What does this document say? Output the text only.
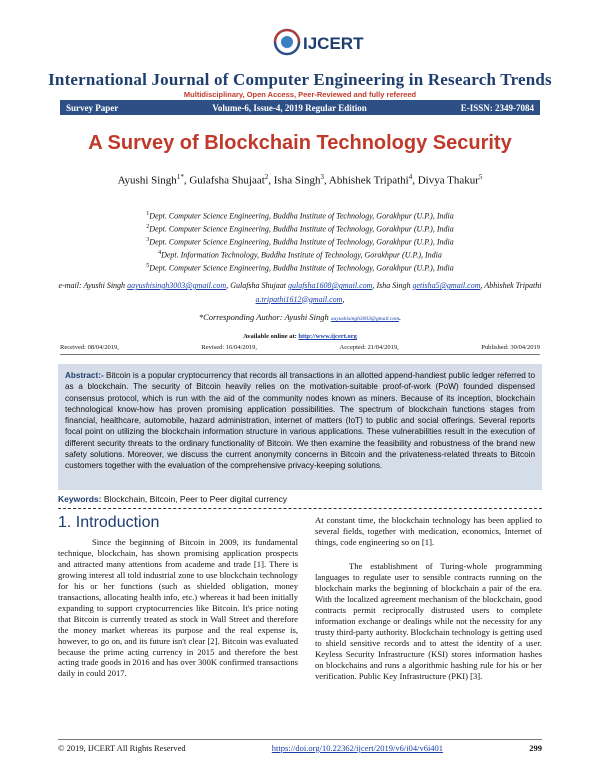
IJCERT
International Journal of Computer Engineering in Research Trends
Multidisciplinary, Open Access, Peer-Reviewed and fully refereed
Survey Paper	Volume-6, Issue-4, 2019 Regular Edition	E-ISSN: 2349-7084
A Survey of Blockchain Technology Security
Ayushi Singh$^{1*}$, Gulafsha Shujaat$^2$, Isha Singh$^3$, Abhishek Tripathi$^4$, Divya Thakur$^5$
$^1$Dept. Computer Science Engineering, Buddha Institute of Technology, Gorakhpur (U.P.), India
$^2$Dept. Computer Science Engineering, Buddha Institute of Technology, Gorakhpur (U.P.), India
$^3$Dept. Computer Science Engineering, Buddha Institute of Technology, Gorakhpur (U.P.), India
$^4$Dept. Information Technology, Buddha Institute of Technology, Gorakhpur (U.P.), India
$^5$Dept. Computer Science Engineering, Buddha Institute of Technology, Gorakhpur (U.P.), India
e-mail: Ayushi Singh aayushisingh3003@gmail.com, Gulafsha Shujaat gulafsha1608@gmail.com, Isha Singh getisha5@gmail.com, Abhishek Tripathi a.tripathi1612@gmail.com,
*Corresponding Author: Ayushi Singh aayushisingh3003@gmail.com.
Available online at: http://www.ijcert.org
Received: 08/04/2019,	Revised: 16/04/2019,	Accepted: 21/04/2019,	Published: 30/04/2019
Abstract:- Bitcoin is a popular cryptocurrency that records all transactions in an allotted append-handiest public ledger referred to as a blockchain. The security of Bitcoin heavily relies on the motivation-suitable proof-of-work (PoW) founded dispensed consensus protocol, which is run with the aid of the community nodes known as miners. Because of its inception, blockchain technological know-how has proven promising application possibilities. The spectrum of blockchain functions stages from financial, healthcare, automobile, hazard administration, internet of matters (IoT) to public and social offerings. Several reports focal point on utilizing the blockchain information structure in various applications. These vulnerabilities result in the execution of different security threats to the ordinary functionality of Bitcoin. We then examine the feasibility and robustness of the brand new safety solutions. Moreover, we discuss the current anonymity concerns in Bitcoin and the privateness-related threats to Bitcoin customers together with the evaluation of the comprehensive privacy-keeping solutions.
Keywords: Blockchain, Bitcoin, Peer to Peer digital currency
1. Introduction
Since the beginning of Bitcoin in 2009, its fundamental technique, blockchain, has shown promising application prospects and attracted many attentions from academe and trade [1]. There is growing interest all told industrial zone to use blockchain technology for his or her functions (such as shielded obligation, money transactions, allocating health info, etc.) whereas it had been initially expanding to support cryptocurrencies like Bitcoin. It's price noting that Bitcoin is currently treated as stock in Wall Street and therefore the money market whereas its purpose and the real expense is, however, to go on, and its future isn't clear [2]. Bitcoin was evaluated because the prime acting currency in 2015 and therefore the best acting trade goods in 2016 and has over 300K confirmed transactions daily in could 2017.
At constant time, the blockchain technology has been applied to several fields, together with medication, economics, Internet of things, code engineering so on [1].
The establishment of Turing-whole programming languages to regulate user to sensible contracts running on the blockchain marks the beginning of blockchain a pair of the era. With the localized agreement mechanism of the blockchain, good contracts permit reciprocally distrusted users to complete information exchange or dealings while not the necessity for any trusty third-party authority. Blockchain technology is getting used to shield sensitive records and to attest the identity of a user. Keyless Security Infrastructure (KSI) stores information hashes on blockchains and runs a algorithmic hashing rule for his or her verification. Public Key Infrastructure (PKI) [3].
© 2019, IJCERT All Rights Reserved	https://doi.org/10.22362/ijcert/2019/v6/i04/v6i401	299
